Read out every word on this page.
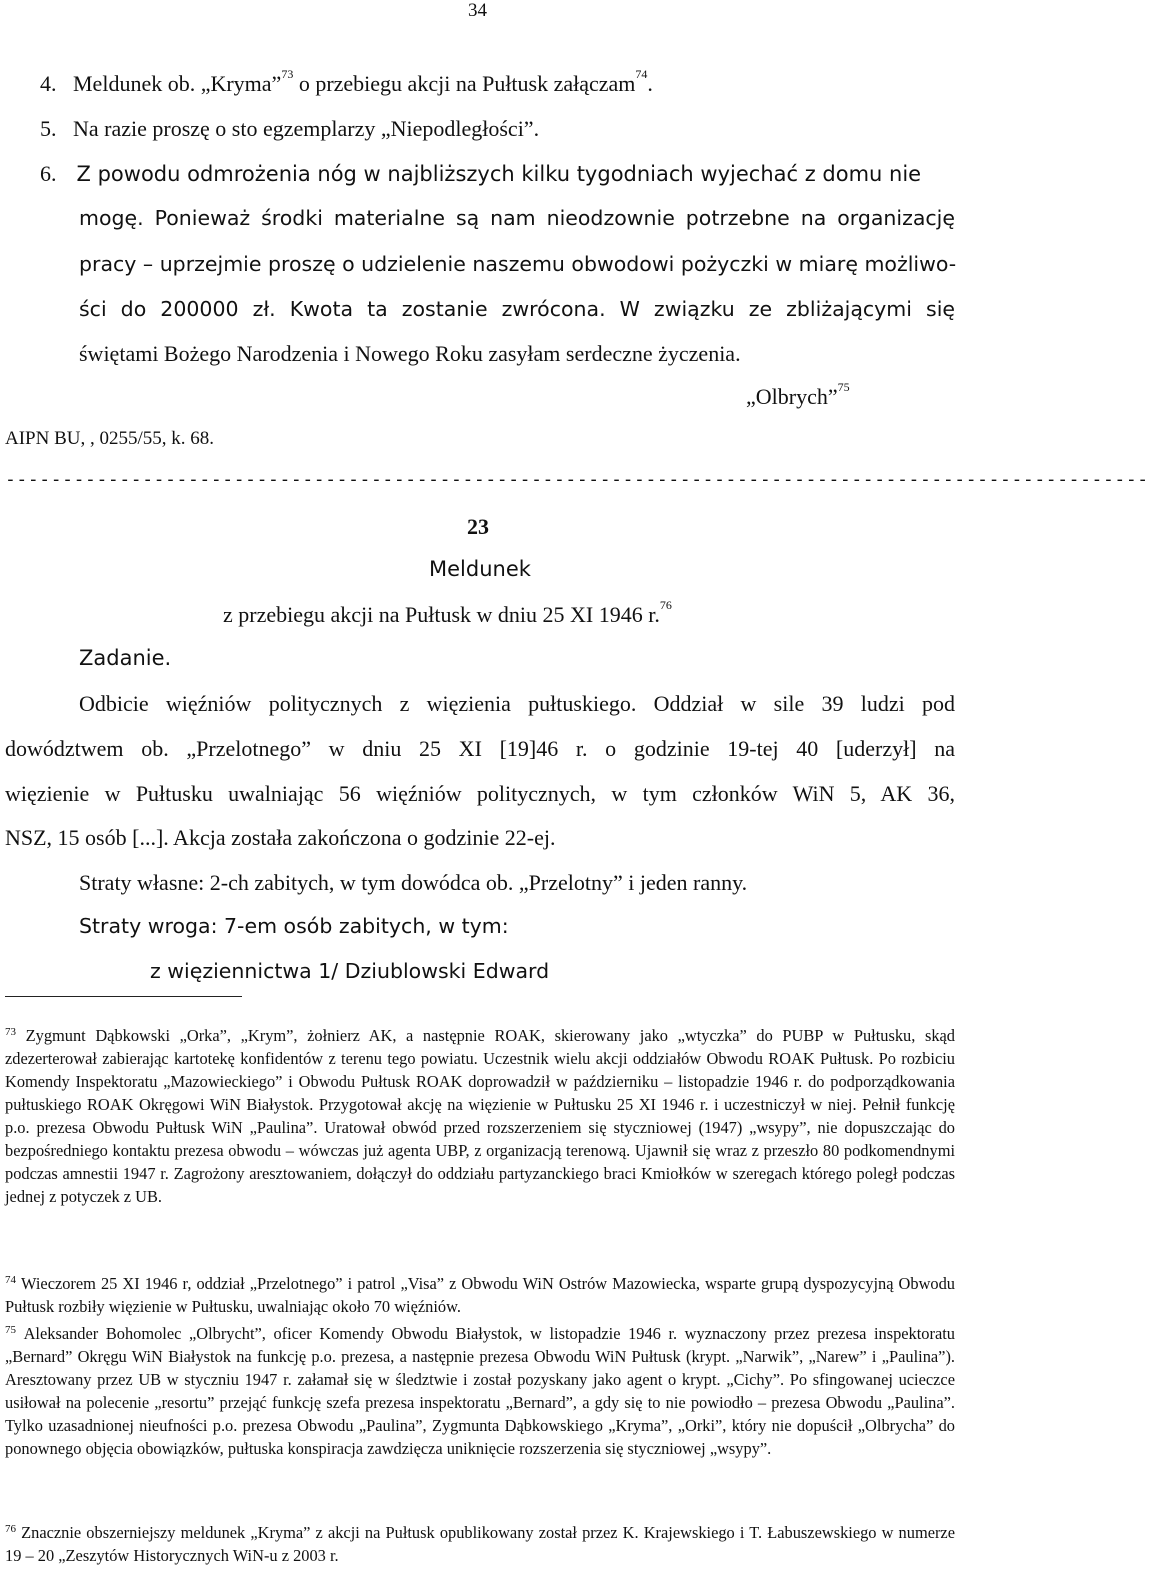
34
4. Meldunek ob. „Kryma”$^{73}$ o przebiegu akcji na Pułtusk załączam$^{74}$.
5. Na razie proszę o sto egzemplarzy „Niepodległości”.
6. Z powodu odmrożenia nóg w najbliższych kilku tygodniach wyjechać z domu nie
mogę. Ponieważ środki materialne są nam nieodzownie potrzebne na organizację
pracy – uprzejmie proszę o udzielenie naszemu obwodowi pożyczki w miarę możliwo-
ści do 200000 zł. Kwota ta zostanie zwrócona. W związku ze zbliżającymi się
świętami Bożego Narodzenia i Nowego Roku zasyłam serdeczne życzenia.
„Olbrych”$^{75}$
AIPN BU, , 0255/55, k. 68.
----------------------------------------------------------------------------------------------------
23
Meldunek
z przebiegu akcji na Pułtusk w dniu 25 XI 1946 r.$^{76}$
Zadanie.
Odbicie więźniów politycznych z więzienia pułtuskiego. Oddział w sile 39 ludzi pod
dowództwem ob. „Przelotnego” w dniu 25 XI [19]46 r. o godzinie 19-tej 40 [uderzył] na
więzienie w Pułtusku uwalniając 56 więźniów politycznych, w tym członków WiN 5, AK 36,
NSZ, 15 osób [...]. Akcja została zakończona o godzinie 22-ej.
Straty własne: 2-ch zabitych, w tym dowódca ob. „Przelotny” i jeden ranny.
Straty wroga: 7-em osób zabitych, w tym:
z więziennictwa 1/ Dziublowski Edward
$^{73}$ Zygmunt Dąbkowski „Orka”, „Krym”, żołnierz AK, a następnie ROAK, skierowany jako „wtyczka” do PUBP w Pułtusku, skąd zdezerterował zabierając kartotekę konfidentów z terenu tego powiatu. Uczestnik wielu akcji oddziałów Obwodu ROAK Pułtusk. Po rozbiciu Komendy Inspektoratu „Mazowieckiego” i Obwodu Pułtusk ROAK doprowadził w październiku – listopadzie 1946 r. do podporządkowania pułtuskiego ROAK Okręgowi WiN Białystok. Przygotował akcję na więzienie w Pułtusku 25 XI 1946 r. i uczestniczył w niej. Pełnił funkcję p.o. prezesa Obwodu Pułtusk WiN „Paulina”. Uratował obwód przed rozszerzeniem się styczniowej (1947) „wsypy”, nie dopuszczając do bezpośredniego kontaktu prezesa obwodu – wówczas już agenta UBP, z organizacją terenową. Ujawnił się wraz z przeszło 80 podkomendnymi podczas amnestii 1947 r. Zagrożony aresztowaniem, dołączył do oddziału partyzanckiego braci Kmiołków w szeregach którego poległ podczas jednej z potyczek z UB.
$^{74}$ Wieczorem 25 XI 1946 r, oddział „Przelotnego” i patrol „Visa” z Obwodu WiN Ostrów Mazowiecka, wsparte grupą dyspozycyjną Obwodu Pułtusk rozbiły więzienie w Pułtusku, uwalniając około 70 więźniów.
$^{75}$ Aleksander Bohomolec „Olbrycht”, oficer Komendy Obwodu Białystok, w listopadzie 1946 r. wyznaczony przez prezesa inspektoratu „Bernard” Okręgu WiN Białystok na funkcję p.o. prezesa, a następnie prezesa Obwodu WiN Pułtusk (krypt. „Narwik”, „Narew” i „Paulina”). Aresztowany przez UB w styczniu 1947 r. załamał się w śledztwie i został pozyskany jako agent o krypt. „Cichy”. Po sfingowanej ucieczce usiłował na polecenie „resortu” przejąć funkcję szefa prezesa inspektoratu „Bernard”, a gdy się to nie powiodło – prezesa Obwodu „Paulina”. Tylko uzasadnionej nieufności p.o. prezesa Obwodu „Paulina”, Zygmunta Dąbkowskiego „Kryma”, „Orki”, który nie dopuścił „Olbrycha” do ponownego objęcia obowiązków, pułtuska konspiracja zawdzięcza uniknięcie rozszerzenia się styczniowej „wsypy”.
$^{76}$ Znacznie obszerniejszy meldunek „Kryma” z akcji na Pułtusk opublikowany został przez K. Krajewskiego i T. Łabuszewskiego w numerze 19 – 20 „Zeszytów Historycznych WiN-u z 2003 r.
